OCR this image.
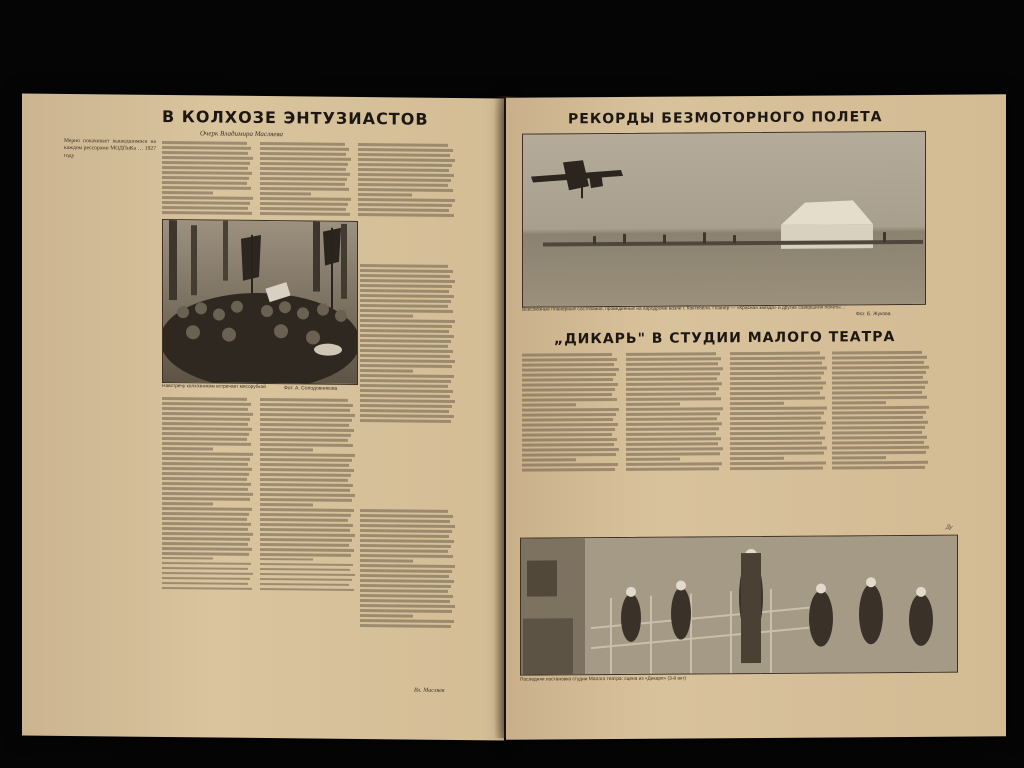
В КОЛХОЗЕ ЭНТУЗИАСТОВ
Очерк Владимира Масляева
Мерно покачивает вышедшимися на каждом рессорами МОДПиКа … 1927 году
Навстречу колхозникам встречает мясорубкой	Фот. А. Солодовникова
Вл. Масляев
РЕКОРДЫ БЕЗМОТОРНОГО ПОЛЕТА
Всесоюзные планерные состязания, проведенные на аэродроме возле г. Коктебеля. Планер — «Красная звезда» и другие совершили полеты…
Фот. Б. Жукова
„ДИКАРЬ" В СТУДИИ МАЛОГО ТЕАТРА
Последняя постановка студии Малого театра: сцена из «Дикаря» (3-й акт)
Ду
